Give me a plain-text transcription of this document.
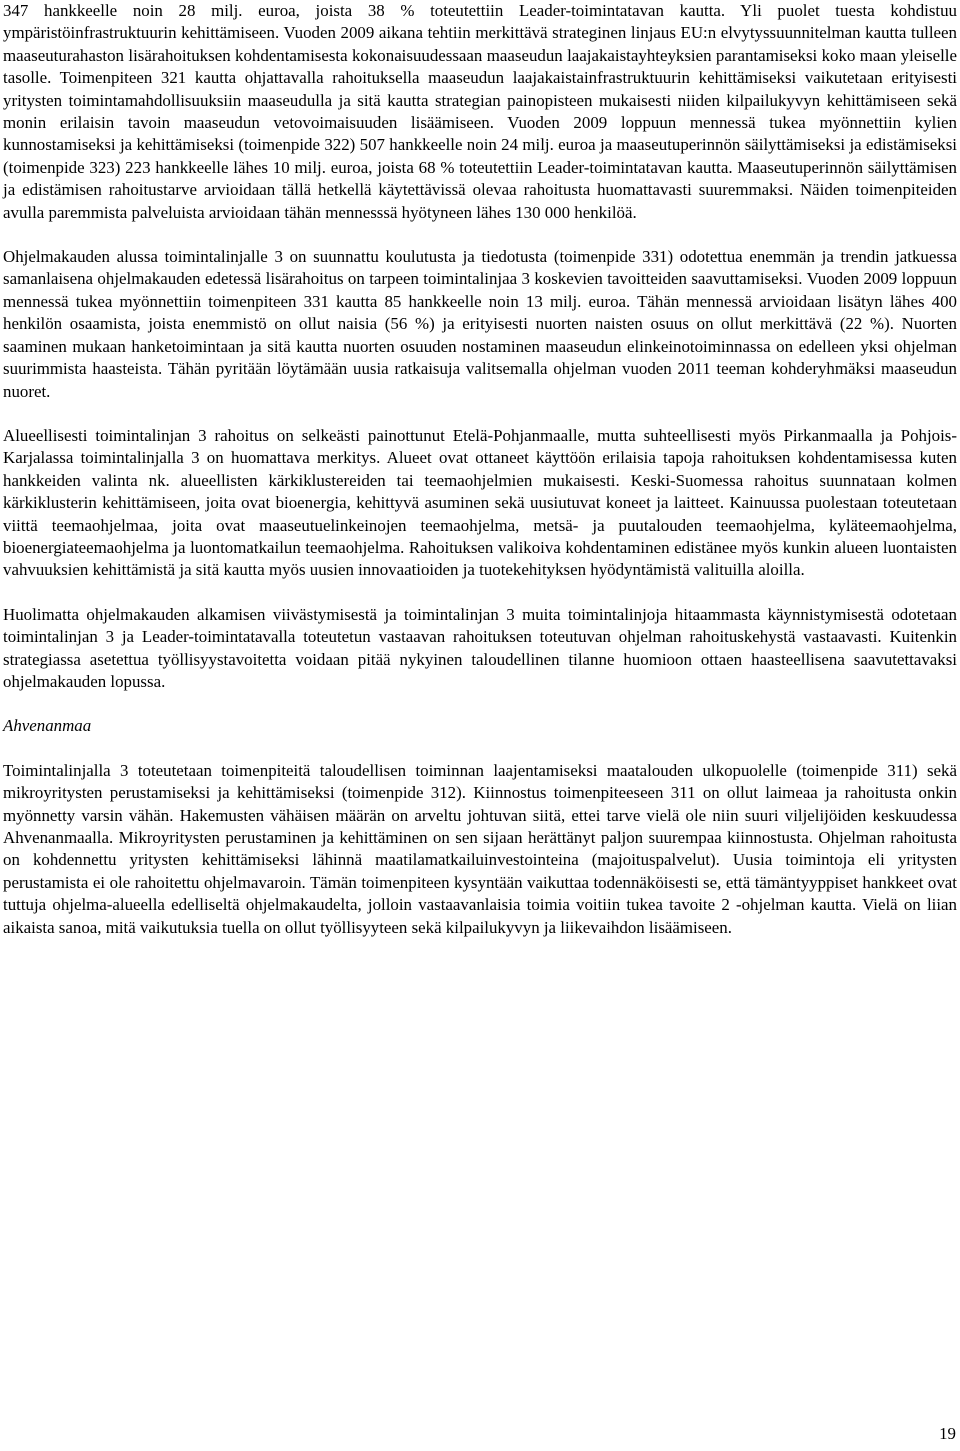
347 hankkeelle noin 28 milj. euroa, joista 38 % toteutettiin Leader-toimintatavan kautta. Yli puolet tuesta kohdistuu ympäristöinfrastruktuurin kehittämiseen. Vuoden 2009 aikana tehtiin merkittävä strateginen linjaus EU:n elvytyssuunnitelman kautta tulleen maaseuturahaston lisärahoituksen kohdentamisesta kokonaisuudessaan maaseudun laajakaistayhteyksien parantamiseksi koko maan yleiselle tasolle. Toimenpiteen 321 kautta ohjattavalla rahoituksella maaseudun laajakaistainfrastruktuurin kehittämiseksi vaikutetaan erityisesti yritysten toimintamahdollisuuksiin maaseudulla ja sitä kautta strategian painopisteen mukaisesti niiden kilpailukyvyn kehittämiseen sekä monin erilaisin tavoin maaseudun vetovoimaisuuden lisäämiseen. Vuoden 2009 loppuun mennessä tukea myönnettiin kylien kunnostamiseksi ja kehittämiseksi (toimenpide 322) 507 hankkeelle noin 24 milj. euroa ja maaseutuperinnön säilyttämiseksi ja edistämiseksi (toimenpide 323) 223 hankkeelle lähes 10 milj. euroa, joista 68 % toteutettiin Leader-toimintatavan kautta. Maaseutuperinnön säilyttämisen ja edistämisen rahoitustarve arvioidaan tällä hetkellä käytettävissä olevaa rahoitusta huomattavasti suuremmaksi. Näiden toimenpiteiden avulla paremmista palveluista arvioidaan tähän mennesssä hyötyneen lähes 130 000 henkilöä.

Ohjelmakauden alussa toimintalinjalle 3 on suunnattu koulutusta ja tiedotusta (toimenpide 331) odotettua enemmän ja trendin jatkuessa samanlaisena ohjelmakauden edetessä lisärahoitus on tarpeen toimintalinjaa 3 koskevien tavoitteiden saavuttamiseksi. Vuoden 2009 loppuun mennessä tukea myönnettiin toimenpiteen 331 kautta 85 hankkeelle noin 13 milj. euroa. Tähän mennessä arvioidaan lisätyn lähes 400 henkilön osaamista, joista enemmistö on ollut naisia (56 %) ja erityisesti nuorten naisten osuus on ollut merkittävä (22 %). Nuorten saaminen mukaan hanketoimintaan ja sitä kautta nuorten osuuden nostaminen maaseudun elinkeinotoiminnassa on edelleen yksi ohjelman suurimmista haasteista. Tähän pyritään löytämään uusia ratkaisuja valitsemalla ohjelman vuoden 2011 teeman kohderyhmäksi maaseudun nuoret.

Alueellisesti toimintalinjan 3 rahoitus on selkeästi painottunut Etelä-Pohjanmaalle, mutta suhteellisesti myös Pirkanmaalla ja Pohjois-Karjalassa toimintalinjalla 3 on huomattava merkitys. Alueet ovat ottaneet käyttöön erilaisia tapoja rahoituksen kohdentamisessa kuten hankkeiden valinta nk. alueellisten kärkiklustereiden tai teemaohjelmien mukaisesti. Keski-Suomessa rahoitus suunnataan kolmen kärkiklusterin kehittämiseen, joita ovat bioenergia, kehittyvä asuminen sekä uusiutuvat koneet ja laitteet. Kainuussa puolestaan toteutetaan viittä teemaohjelmaa, joita ovat maaseutuelinkeinojen teemaohjelma, metsä- ja puutalouden teemaohjelma, kyläteemaohjelma, bioenergiateemaohjelma ja luontomatkailun teemaohjelma. Rahoituksen valikoiva kohdentaminen edistänee myös kunkin alueen luontaisten vahvuuksien kehittämistä ja sitä kautta myös uusien innovaatioiden ja tuotekehityksen hyödyntämistä valituilla aloilla.

Huolimatta ohjelmakauden alkamisen viivästymisestä ja toimintalinjan 3 muita toimintalinjoja hitaammasta käynnistymisestä odotetaan toimintalinjan 3 ja Leader-toimintatavalla toteutetun vastaavan rahoituksen toteutuvan ohjelman rahoituskehystä vastaavasti. Kuitenkin strategiassa asetettua työllisyystavoitetta voidaan pitää nykyinen taloudellinen tilanne huomioon ottaen haasteellisena saavutettavaksi ohjelmakauden lopussa.

Ahvenanmaa

Toimintalinjalla 3 toteutetaan toimenpiteitä taloudellisen toiminnan laajentamiseksi maatalouden ulkopuolelle (toimenpide 311) sekä mikroyritysten perustamiseksi ja kehittämiseksi (toimenpide 312). Kiinnostus toimenpiteeseen 311 on ollut laimeaa ja rahoitusta onkin myönnetty varsin vähän. Hakemusten vähäisen määrän on arveltu johtuvan siitä, ettei tarve vielä ole niin suuri viljelijöiden keskuudessa Ahvenanmaalla. Mikroyritysten perustaminen ja kehittäminen on sen sijaan herättänyt paljon suurempaa kiinnostusta. Ohjelman rahoitusta on kohdennettu yritysten kehittämiseksi lähinnä maatilamatkailuinvestointeina (majoituspalvelut). Uusia toimintoja eli yritysten perustamista ei ole rahoitettu ohjelmavaroin. Tämän toimenpiteen kysyntään vaikuttaa todennäköisesti se, että tämäntyyppiset hankkeet ovat tuttuja ohjelma-alueella edelliseltä ohjelmakaudelta, jolloin vastaavanlaisia toimia voitiin tukea tavoite 2 -ohjelman kautta. Vielä on liian aikaista sanoa, mitä vaikutuksia tuella on ollut työllisyyteen sekä kilpailukyvyn ja liikevaihdon lisäämiseen.

19
